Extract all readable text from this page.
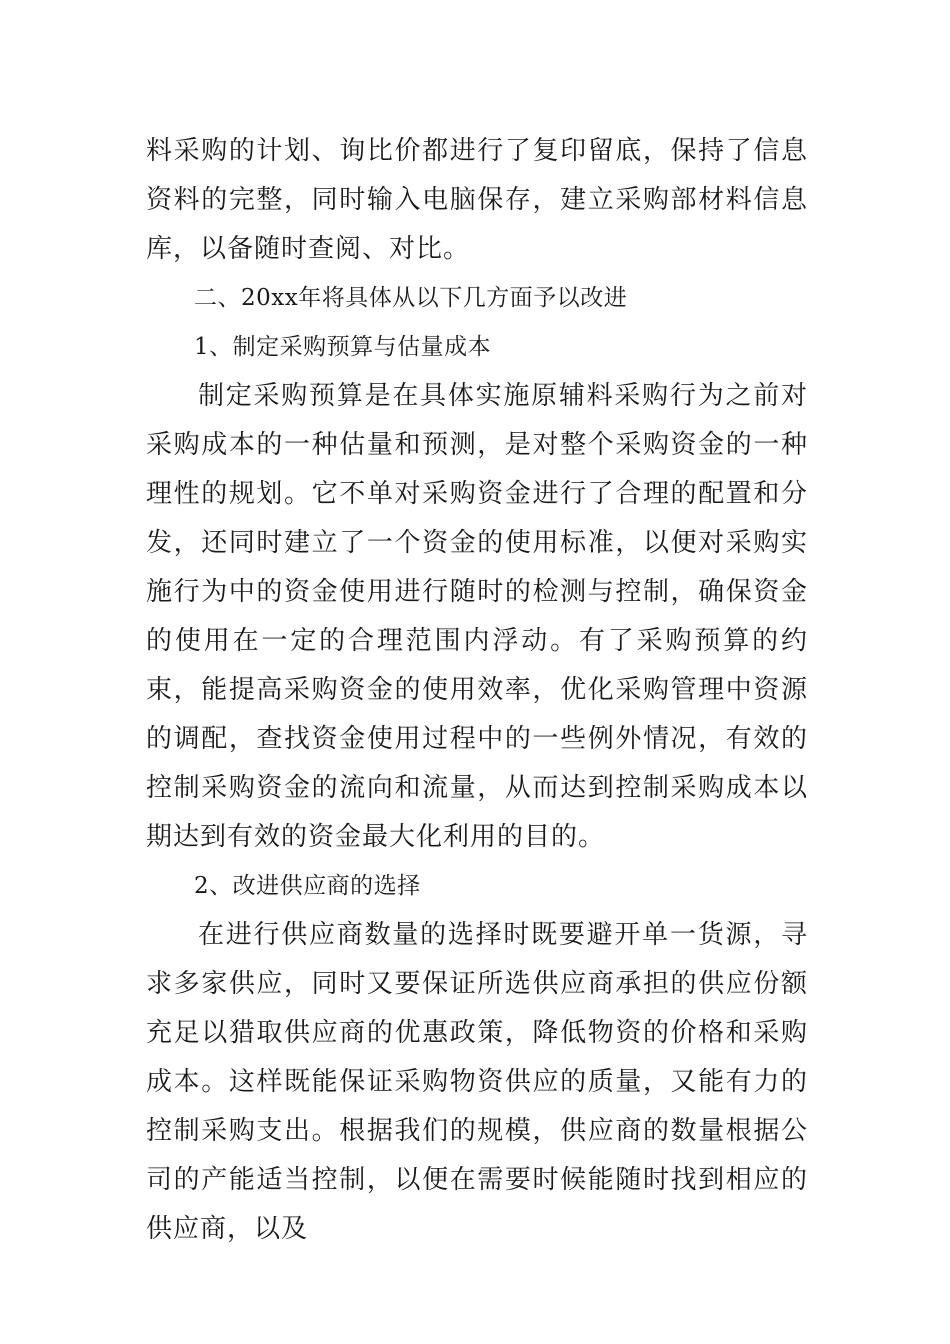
料采购的计划、询比价都进行了复印留底，保持了信息资料的完整，同时输入电脑保存，建立采购部材料信息库，以备随时查阅、对比。

二、20xx年将具体从以下几方面予以改进

1、制定采购预算与估量成本

制定采购预算是在具体实施原辅料采购行为之前对采购成本的一种估量和预测，是对整个采购资金的一种理性的规划。它不单对采购资金进行了合理的配置和分发，还同时建立了一个资金的使用标准，以便对采购实施行为中的资金使用进行随时的检测与控制，确保资金的使用在一定的合理范围内浮动。有了采购预算的约束，能提高采购资金的使用效率，优化采购管理中资源的调配，查找资金使用过程中的一些例外情况，有效的控制采购资金的流向和流量，从而达到控制采购成本以期达到有效的资金最大化利用的目的。

2、改进供应商的选择

在进行供应商数量的选择时既要避开单一货源，寻求多家供应，同时又要保证所选供应商承担的供应份额充足以猎取供应商的优惠政策，降低物资的价格和采购成本。这样既能保证采购物资供应的质量，又能有力的控制采购支出。根据我们的规模，供应商的数量根据公司的产能适当控制，以便在需要时候能随时找到相应的供应商，以及
